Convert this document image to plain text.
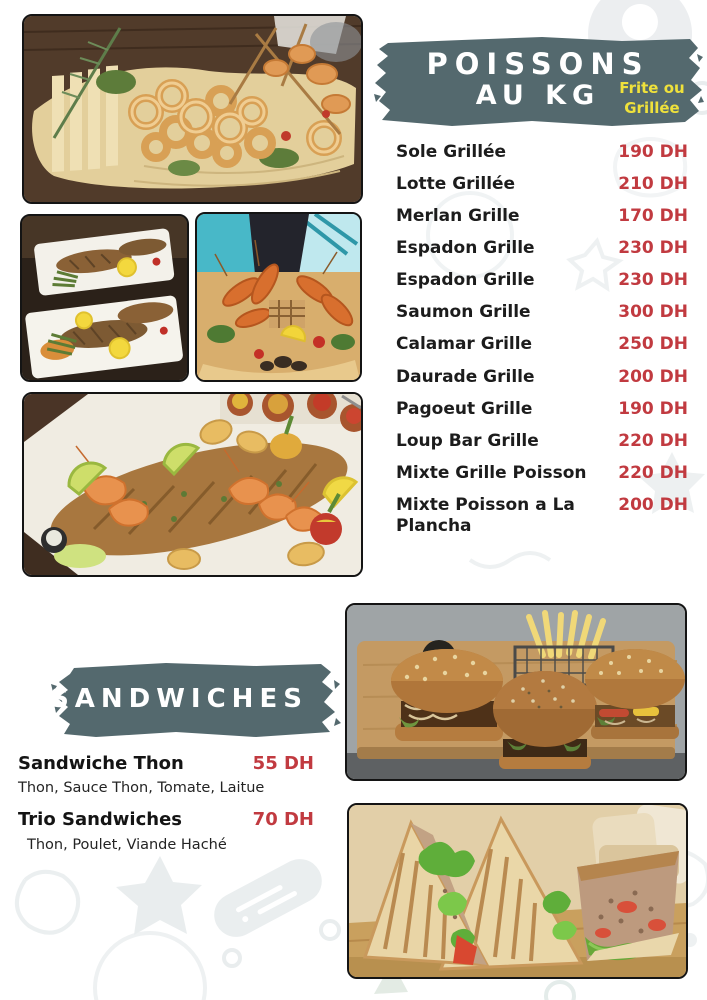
POISSONS
AU KG	Frite ou
Grillée
Sole Grillée	190 DH
Lotte Grillée	210 DH
Merlan Grille	170 DH
Espadon Grille	230 DH
Espadon Grille	230 DH
Saumon Grille	300 DH
Calamar Grille	250 DH
Daurade Grille	200 DH
Pagoeut Grille	190 DH
Loup Bar Grille	220 DH
Mixte Grille Poisson	220 DH
Mixte Poisson a La Plancha
200 DH
SANDWICHES
Sandwiche Thon	55 DH
Thon, Sauce Thon, Tomate, Laitue
Trio Sandwiches	70 DH
Thon, Poulet, Viande Haché
